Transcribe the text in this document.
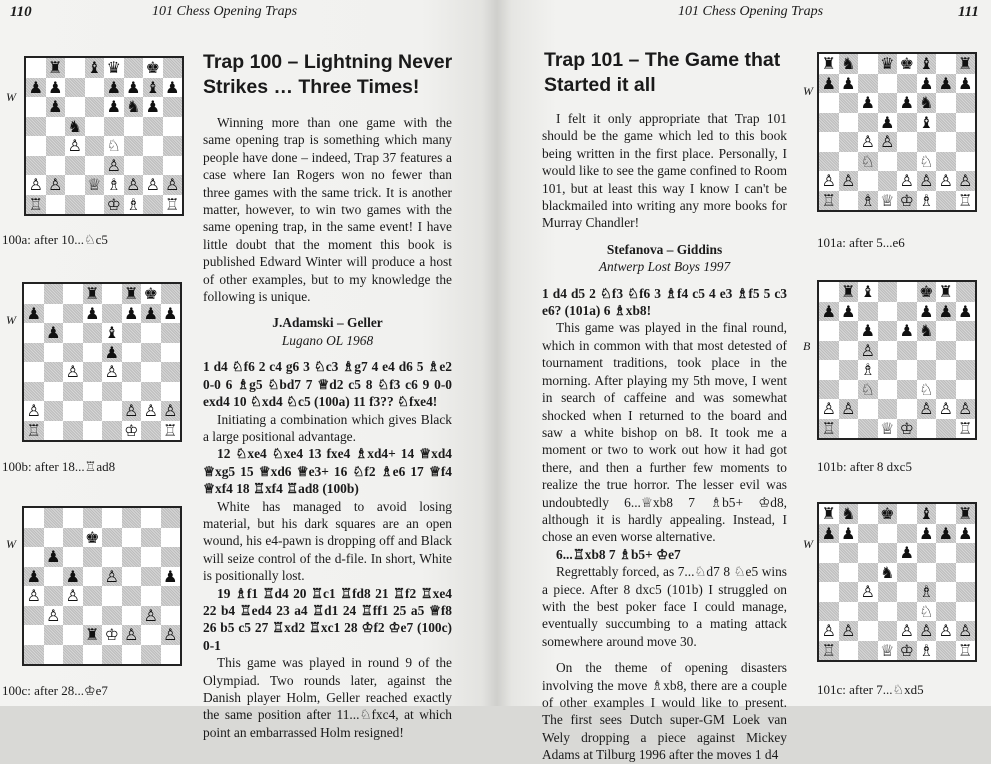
110	101 Chess Opening Traps
W
♜ ♝ ♛ ♚
♟ ♟	♟ ♟ ♝ ♟
♟	♟ ♞ ♟
♞
♙ ♘
♙
♙ ♙ ♕ ♗ ♙ ♙ ♙
♖	♔ ♗ ♖
100a: after 10...♘c5
W
♜ ♜ ♚
♟	♟ ♟ ♟ ♟
♟	♝
♟
♙ ♙
♙	♙ ♙ ♙
♖	♔ ♖
100b: after 18...♖ad8
W	♚
♟
♟ ♟ ♙	♟
♙ ♙
♙	♙
♜ ♔ ♙ ♙
100c: after 28...♔e7
Trap 100 – Lightning Never
Strikes … Three Times!

Winning more than one game with the same opening trap is something which many people have done – indeed, Trap 37 features a case where Ian Rogers won no fewer than three games with the same trick. It is another matter, however, to win two games with the same opening trap, in the same event! I have little doubt that the moment this book is published Edward Winter will produce a host of other examples, but to my knowledge the following is unique.

J.Adamski – Geller

Lugano OL 1968

1 d4 ♘f6 2 c4 g6 3 ♘c3 ♗g7 4 e4 d6 5 ♗e2 0-0 6 ♗g5 ♘bd7 7 ♕d2 c5 8 ♘f3 c6 9 0-0 exd4 10 ♘xd4 ♘c5 (100a) 11 f3?? ♘fxe4!

Initiating a combination which gives Black a large positional advantage.

12 ♘xe4 ♘xe4 13 fxe4 ♗xd4+ 14 ♕xd4 ♕xg5 15 ♕xd6 ♕e3+ 16 ♘f2 ♗e6 17 ♕f4 ♕xf4 18 ♖xf4 ♖ad8 (100b)

White has managed to avoid losing material, but his dark squares are an open wound, his e4-pawn is dropping off and Black will seize control of the d-file. In short, White is positionally lost.

19 ♗f1 ♖d4 20 ♖c1 ♖fd8 21 ♖f2 ♖xe4 22 b4 ♖ed4 23 a4 ♖d1 24 ♖ff1 25 a5 ♕f8 26 b5 c5 27 ♖xd2 ♖xc1 28 ♔f2 ♔e7 (100c) 0-1

This game was played in round 9 of the Olympiad. Two rounds later, against the Danish player Holm, Geller reached exactly the same position after 11...♘fxc4, at which point an embarrassed Holm resigned!

101 Chess Opening Traps	111
Trap 101 – The Game that
Started it all

I felt it only appropriate that Trap 101 should be the game which led to this book being written in the first place. Personally, I would like to see the game confined to Room 101, but at least this way I know I can't be blackmailed into writing any more books for Murray Chandler!

Stefanova – Giddins

Antwerp Lost Boys 1997

1 d4 d5 2 ♘f3 ♘f6 3 ♗f4 c5 4 e3 ♗f5 5 c3 e6? (101a) 6 ♗xb8!

This game was played in the final round, which in common with that most detested of tournament traditions, took place in the morning. After playing my 5th move, I went in search of caffeine and was somewhat shocked when I returned to the board and saw a white bishop on b8. It took me a moment or two to work out how it had got there, and then a further few moments to realize the true horror. The lesser evil was undoubtedly 6...♕xb8 7 ♗b5+ ♔d8, although it is hardly appealing. Instead, I chose an even worse alternative.

6...♖xb8 7 ♗b5+ ♔e7

Regrettably forced, as 7...♘d7 8 ♘e5 wins a piece. After 8 dxc5 (101b) I struggled on with the best poker face I could manage, eventually succumbing to a mating attack somewhere around move 30.

On the theme of opening disasters involving the move ♗xb8, there are a couple of other examples I would like to present. The first sees Dutch super-GM Loek van Wely dropping a piece against Mickey Adams at Tilburg 1996 after the moves 1 d4

W
♜ ♞ ♛ ♚ ♝ ♜
♟ ♟	♟ ♟ ♟
♟ ♟ ♞
♟ ♝
♙ ♙
♘	♘
♙ ♙	♙ ♙ ♙ ♙
♖ ♗ ♕ ♔ ♗ ♖
101a: after 5...e6
B
♜ ♝	♚ ♜
♟ ♟	♟ ♟ ♟
♟ ♟ ♞
♙
♗
♘	♘
♙ ♙	♙ ♙ ♙
♖	♕ ♔	♖
101b: after 8 dxc5
W
♜ ♞ ♚ ♝ ♜
♟ ♟	♟ ♟ ♟
♟
♞
♙	♗
♘
♙ ♙	♙ ♙ ♙ ♙
♖	♕ ♔ ♗ ♖
101c: after 7...♘xd5
